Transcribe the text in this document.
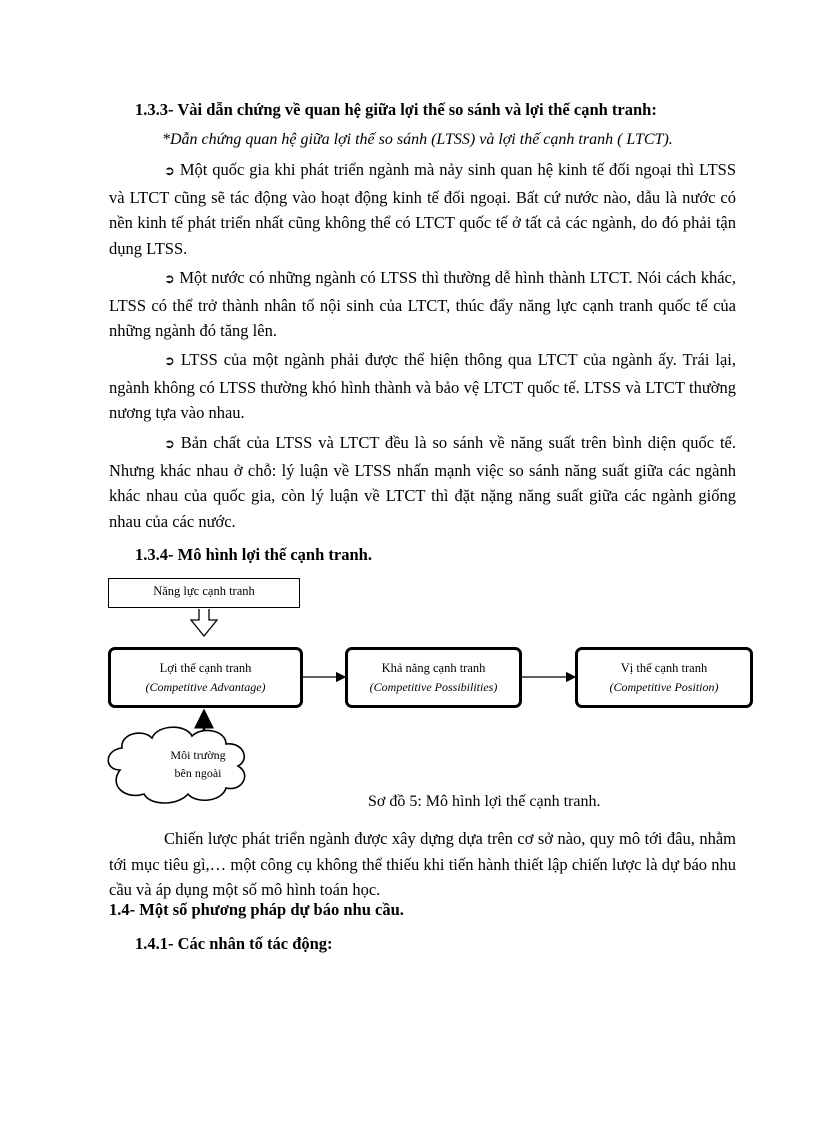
1.3.3- Vài dẫn chứng về quan hệ giữa lợi thế so sánh và lợi thế cạnh tranh:
*Dẫn chứng quan hệ giữa lợi thế so sánh (LTSS) và lợi thế cạnh tranh ( LTCT).
➲ Một quốc gia khi phát triển ngành mà nảy sinh quan hệ kinh tế đối ngoại thì LTSS và LTCT cũng sẽ tác động vào hoạt động kinh tế đối ngoại. Bất cứ nước nào, dẫu là nước có nền kinh tế phát triển nhất cũng không thể có LTCT quốc tế ở tất cả các ngành, do đó phải tận dụng LTSS.
➲ Một nước có những ngành có LTSS thì thường dễ hình thành LTCT. Nói cách khác, LTSS có thể trở thành nhân tố nội sinh của LTCT, thúc đẩy năng lực cạnh tranh quốc tế của những ngành đó tăng lên.
➲ LTSS của một ngành phải được thể hiện thông qua LTCT của ngành ấy. Trái lại, ngành không có LTSS thường khó hình thành và bảo vệ LTCT quốc tế. LTSS và LTCT thường nương tựa vào nhau.
➲ Bản chất của LTSS và LTCT đều là so sánh về năng suất trên bình diện quốc tế. Nhưng khác nhau ở chỗ: lý luận về LTSS nhấn mạnh việc so sánh năng suất giữa các ngành khác nhau của quốc gia, còn lý luận về LTCT thì đặt nặng năng suất giữa các ngành giống nhau của các nước.
1.3.4- Mô hình lợi thế cạnh tranh.
Năng lực cạnh tranh
Lợi thế cạnh tranh
(Competitive Advantage)
Khả năng cạnh tranh
(Competitive Possibilities)
Vị thế cạnh tranh
(Competitive Position)
Môi trường
bên ngoài
Sơ đồ 5: Mô hình lợi thế cạnh tranh.
Chiến lược phát triển ngành được xây dựng dựa trên cơ sở nào, quy mô tới đâu, nhằm tới mục tiêu gì,… một công cụ không thể thiếu khi tiến hành thiết lập chiến lược là dự báo nhu cầu và áp dụng một số mô hình toán học.
1.4- Một số phương pháp dự báo nhu cầu.
1.4.1- Các nhân tố tác động:
